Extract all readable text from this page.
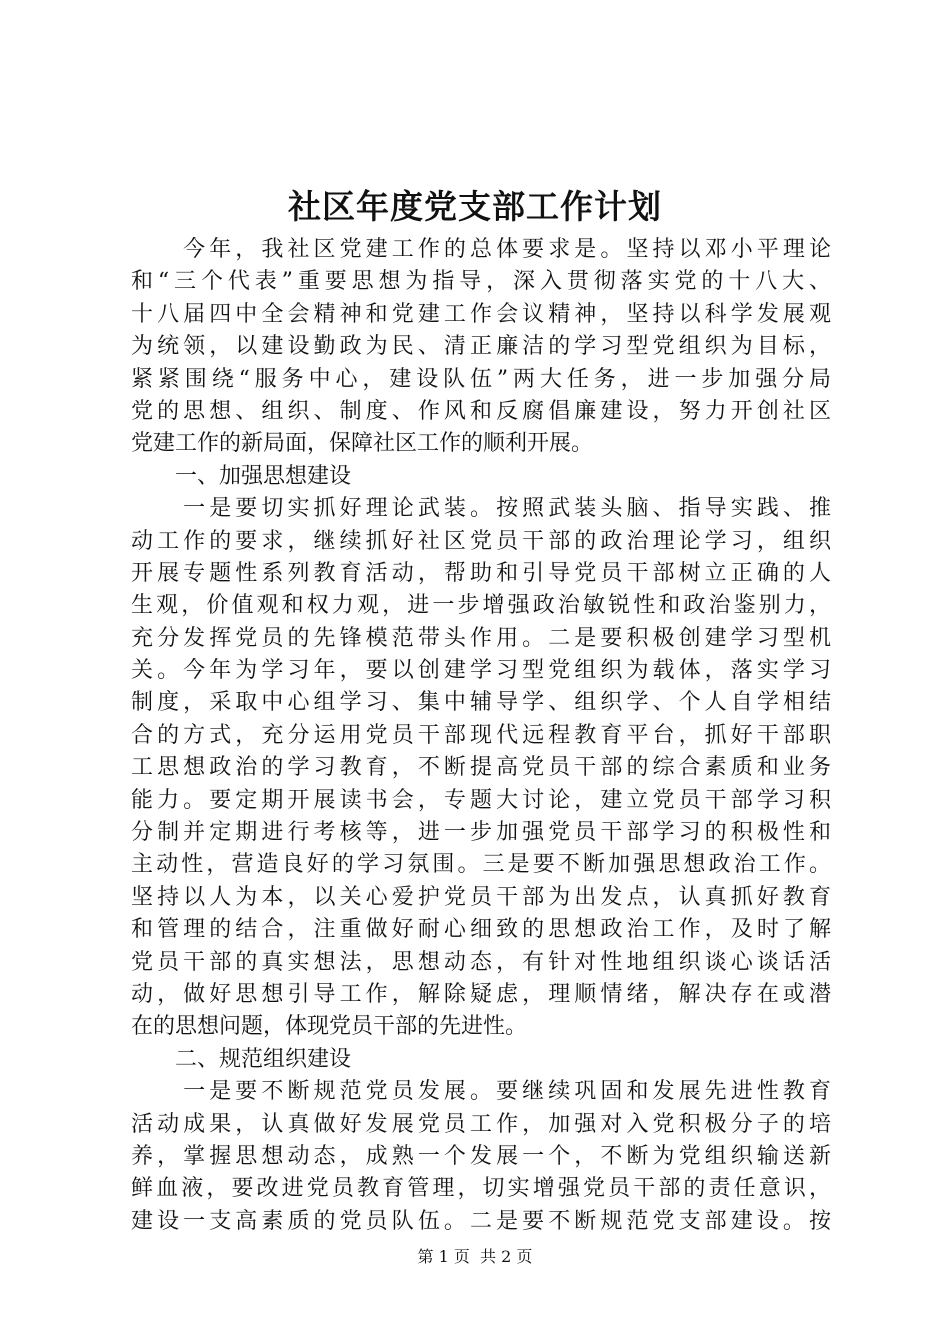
社区年度党支部工作计划
　　今年，我社区党建工作的总体要求是。坚持以邓小平理论
和“三个代表”重要思想为指导，深入贯彻落实党的十八大、
十八届四中全会精神和党建工作会议精神，坚持以科学发展观
为统领，以建设勤政为民、清正廉洁的学习型党组织为目标，
紧紧围绕“服务中心，建设队伍”两大任务，进一步加强分局
党的思想、组织、制度、作风和反腐倡廉建设，努力开创社区
党建工作的新局面，保障社区工作的顺利开展。
　　一、加强思想建设
　　一是要切实抓好理论武装。按照武装头脑、指导实践、推
动工作的要求，继续抓好社区党员干部的政治理论学习，组织
开展专题性系列教育活动，帮助和引导党员干部树立正确的人
生观，价值观和权力观，进一步增强政治敏锐性和政治鉴别力，
充分发挥党员的先锋模范带头作用。二是要积极创建学习型机
关。今年为学习年，要以创建学习型党组织为载体，落实学习
制度，采取中心组学习、集中辅导学、组织学、个人自学相结
合的方式，充分运用党员干部现代远程教育平台，抓好干部职
工思想政治的学习教育，不断提高党员干部的综合素质和业务
能力。要定期开展读书会，专题大讨论，建立党员干部学习积
分制并定期进行考核等，进一步加强党员干部学习的积极性和
主动性，营造良好的学习氛围。三是要不断加强思想政治工作。
坚持以人为本，以关心爱护党员干部为出发点，认真抓好教育
和管理的结合，注重做好耐心细致的思想政治工作，及时了解
党员干部的真实想法，思想动态，有针对性地组织谈心谈话活
动，做好思想引导工作，解除疑虑，理顺情绪，解决存在或潜
在的思想问题，体现党员干部的先进性。
　　二、规范组织建设
　　一是要不断规范党员发展。要继续巩固和发展先进性教育
活动成果，认真做好发展党员工作，加强对入党积极分子的培
养，掌握思想动态，成熟一个发展一个，不断为党组织输送新
鲜血液，要改进党员教育管理，切实增强党员干部的责任意识，
建设一支高素质的党员队伍。二是要不断规范党支部建设。按
第 1 页  共 2 页
